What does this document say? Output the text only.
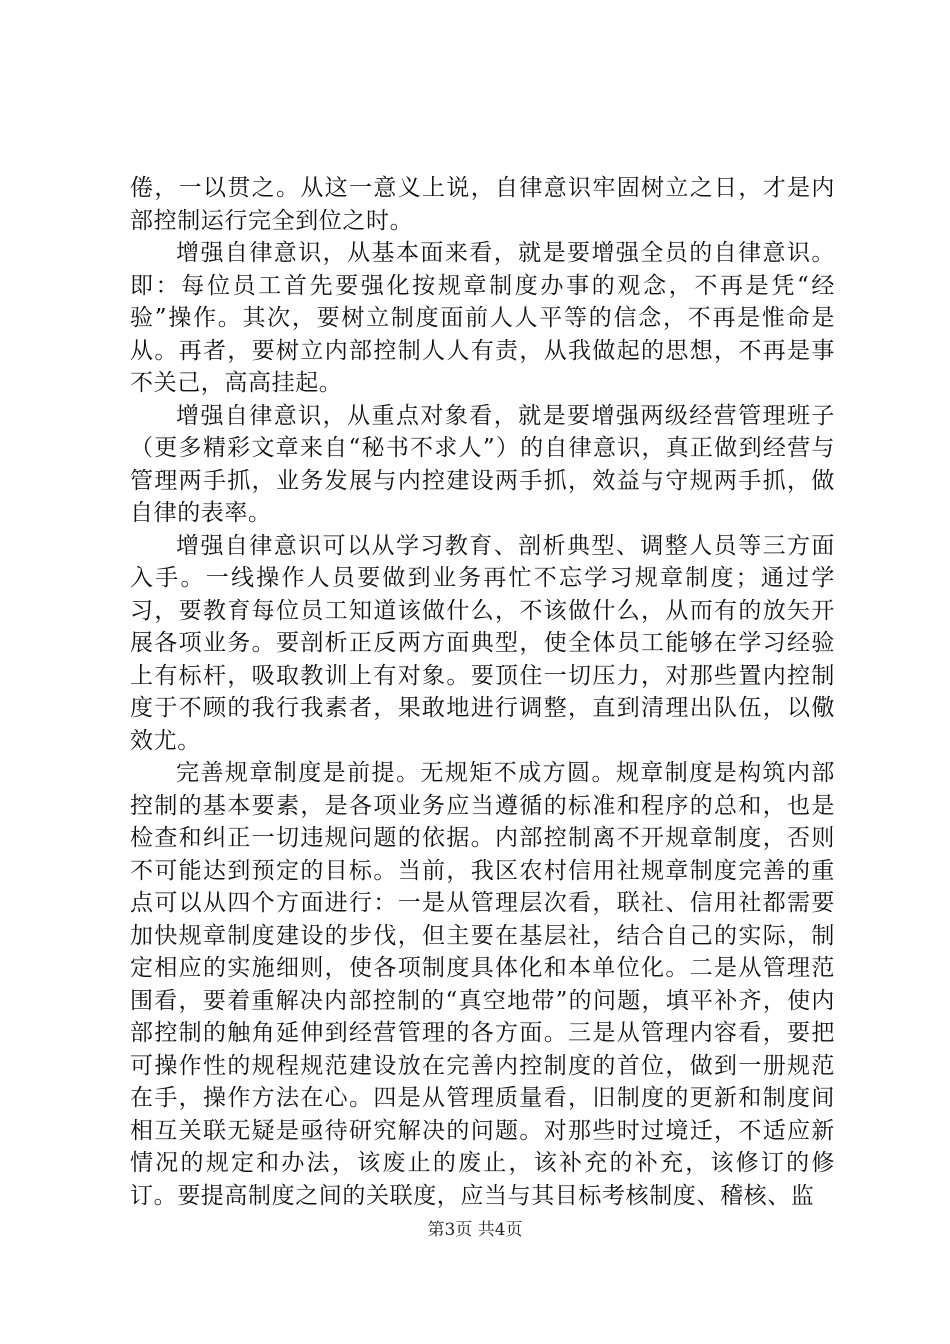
倦，一以贯之。从这一意义上说，自律意识牢固树立之日，才是内部控制运行完全到位之时。

增强自律意识，从基本面来看，就是要增强全员的自律意识。即：每位员工首先要强化按规章制度办事的观念，不再是凭“经验”操作。其次，要树立制度面前人人平等的信念，不再是惟命是从。再者，要树立内部控制人人有责，从我做起的思想，不再是事不关己，高高挂起。

增强自律意识，从重点对象看，就是要增强两级经营管理班子（更多精彩文章来自“秘书不求人”）的自律意识，真正做到经营与管理两手抓，业务发展与内控建设两手抓，效益与守规两手抓，做自律的表率。

增强自律意识可以从学习教育、剖析典型、调整人员等三方面入手。一线操作人员要做到业务再忙不忘学习规章制度；通过学习，要教育每位员工知道该做什么，不该做什么，从而有的放矢开展各项业务。要剖析正反两方面典型，使全体员工能够在学习经验上有标杆，吸取教训上有对象。要顶住一切压力，对那些置内控制度于不顾的我行我素者，果敢地进行调整，直到清理出队伍，以儆效尤。

完善规章制度是前提。无规矩不成方圆。规章制度是构筑内部控制的基本要素，是各项业务应当遵循的标准和程序的总和，也是检查和纠正一切违规问题的依据。内部控制离不开规章制度，否则不可能达到预定的目标。当前，我区农村信用社规章制度完善的重点可以从四个方面进行：一是从管理层次看，联社、信用社都需要加快规章制度建设的步伐，但主要在基层社，结合自己的实际，制定相应的实施细则，使各项制度具体化和本单位化。二是从管理范围看，要着重解决内部控制的“真空地带”的问题，填平补齐，使内部控制的触角延伸到经营管理的各方面。三是从管理内容看，要把可操作性的规程规范建设放在完善内控制度的首位，做到一册规范在手，操作方法在心。四是从管理质量看，旧制度的更新和制度间相互关联无疑是亟待研究解决的问题。对那些时过境迁，不适应新情况的规定和办法，该废止的废止，该补充的补充，该修订的修订。要提高制度之间的关联度，应当与其目标考核制度、稽核、监

第3页 共4页
